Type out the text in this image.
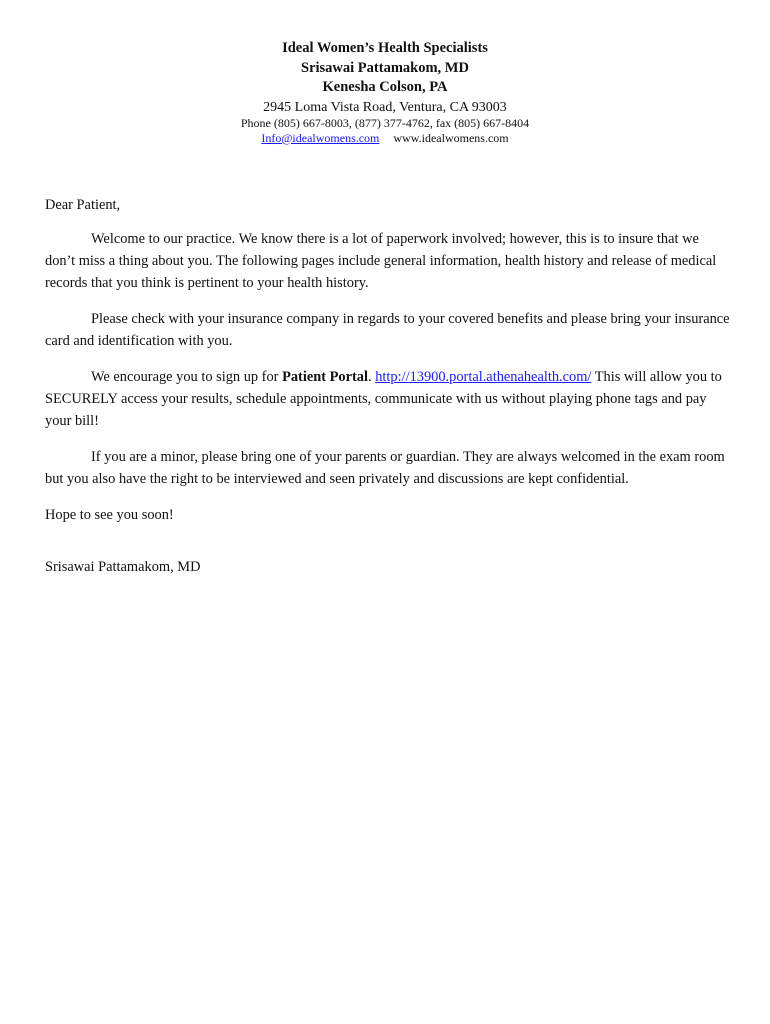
Ideal Women’s Health Specialists
Srisawai Pattamakom, MD
Kenesha Colson, PA
2945 Loma Vista Road, Ventura, CA 93003
Phone (805) 667-8003, (877) 377-4762, fax (805) 667-8404
Info@idealwomens.com www.idealwomens.com

Dear Patient,

Welcome to our practice. We know there is a lot of paperwork involved; however, this is to insure that we don’t miss a thing about you. The following pages include general information, health history and release of medical records that you think is pertinent to your health history.

Please check with your insurance company in regards to your covered benefits and please bring your insurance card and identification with you.

We encourage you to sign up for Patient Portal. http://13900.portal.athenahealth.com/ This will allow you to SECURELY access your results, schedule appointments, communicate with us without playing phone tags and pay your bill!

If you are a minor, please bring one of your parents or guardian. They are always welcomed in the exam room but you also have the right to be interviewed and seen privately and discussions are kept confidential.

Hope to see you soon!

Srisawai Pattamakom, MD
